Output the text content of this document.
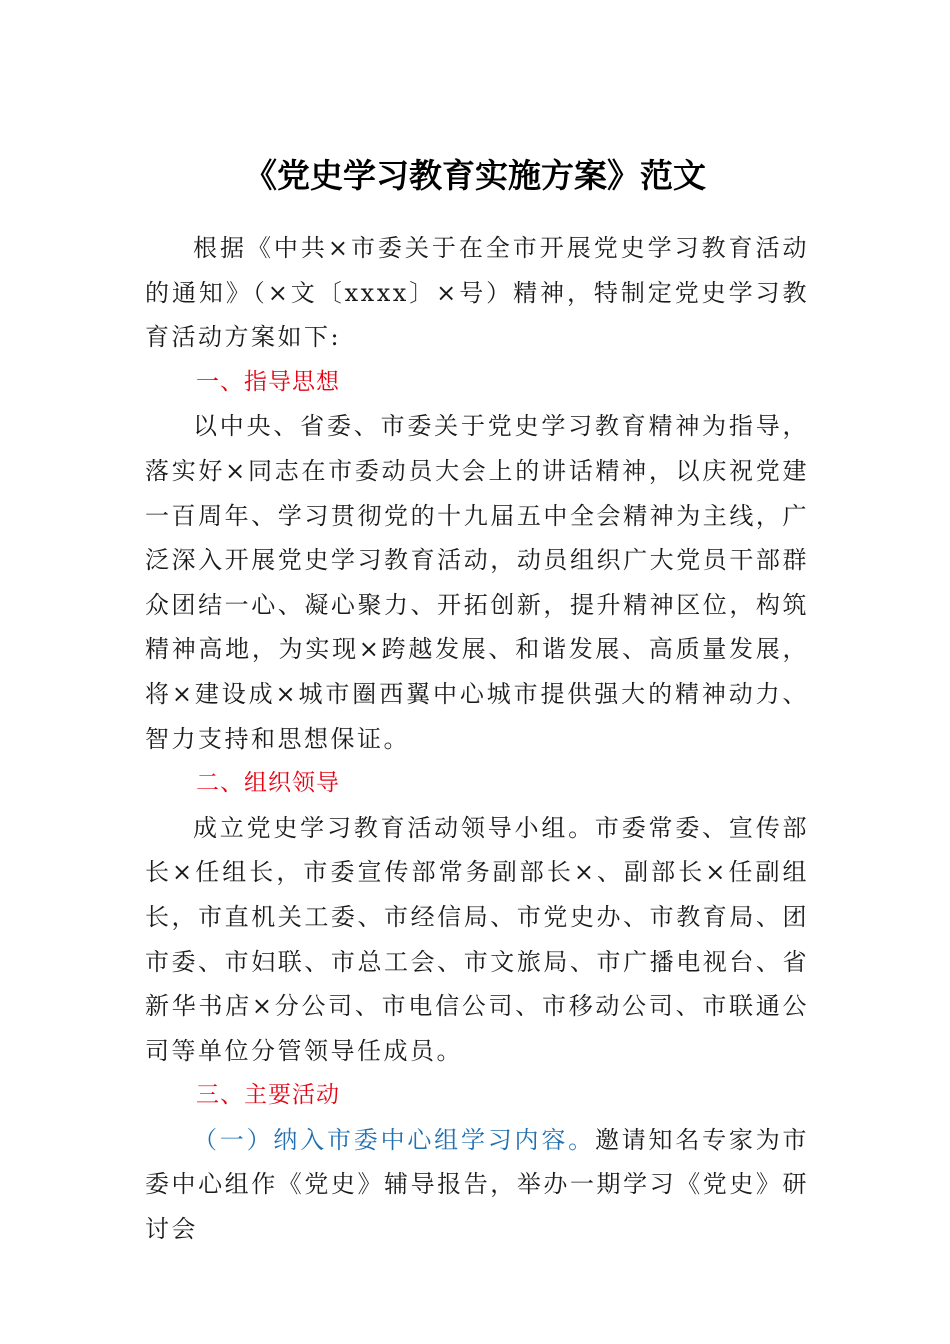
《党史学习教育实施方案》范文

根据《中共×市委关于在全市开展党史学习教育活动的通知》（×文〔xxxx〕×号）精神，特制定党史学习教育活动方案如下:

一、指导思想

以中央、省委、市委关于党史学习教育精神为指导，落实好×同志在市委动员大会上的讲话精神，以庆祝党建一百周年、学习贯彻党的十九届五中全会精神为主线，广泛深入开展党史学习教育活动，动员组织广大党员干部群众团结一心、凝心聚力、开拓创新，提升精神区位，构筑精神高地，为实现×跨越发展、和谐发展、高质量发展，将×建设成×城市圈西翼中心城市提供强大的精神动力、智力支持和思想保证。

二、组织领导

成立党史学习教育活动领导小组。市委常委、宣传部长×任组长，市委宣传部常务副部长×、副部长×任副组长，市直机关工委、市经信局、市党史办、市教育局、团市委、市妇联、市总工会、市文旅局、市广播电视台、省新华书店×分公司、市电信公司、市移动公司、市联通公司等单位分管领导任成员。

三、主要活动

（一）纳入市委中心组学习内容。邀请知名专家为市委中心组作《党史》辅导报告，举办一期学习《党史》研讨会
